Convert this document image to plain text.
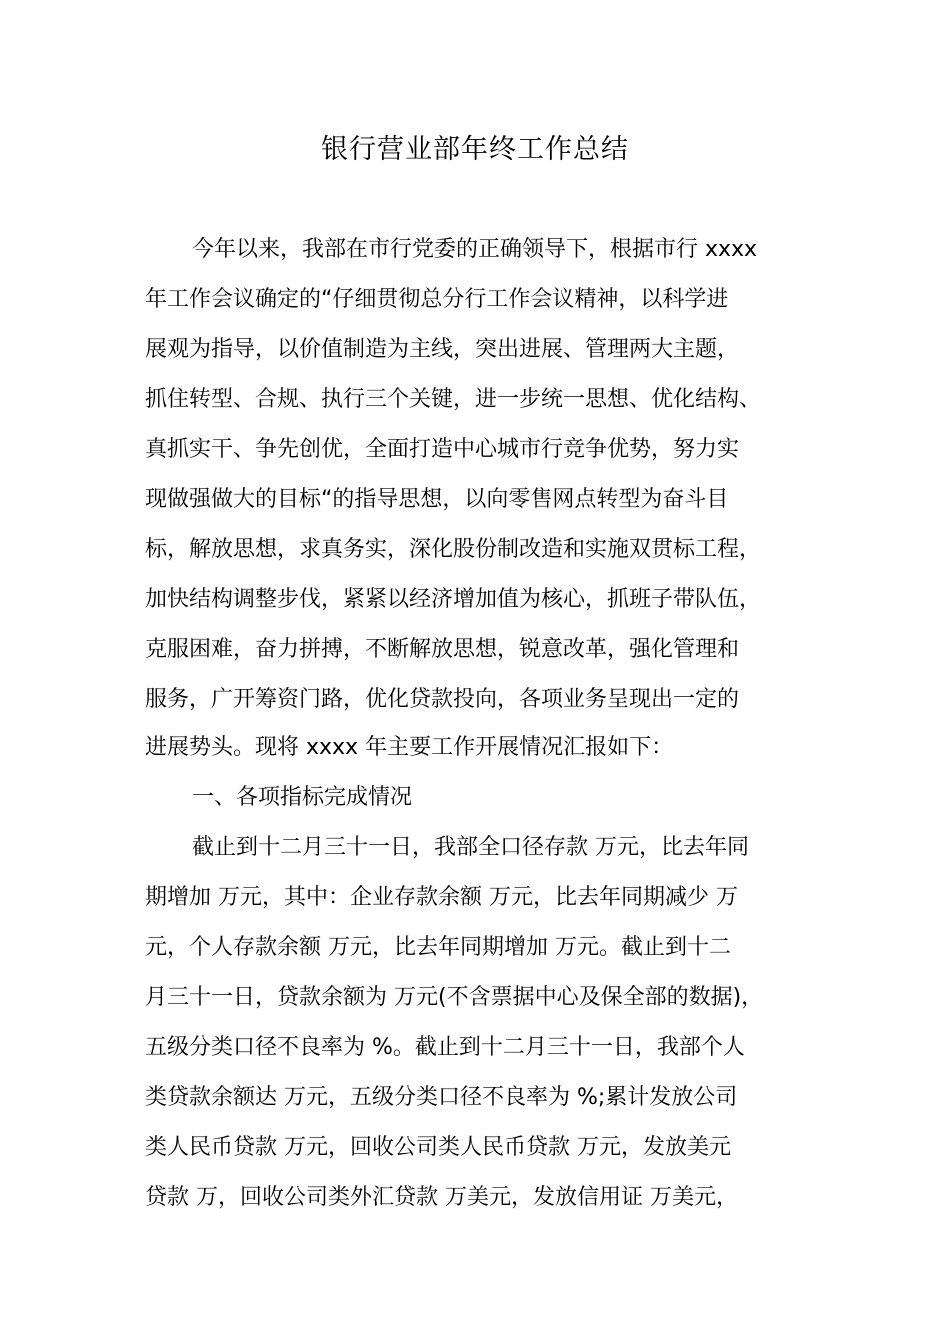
银行营业部年终工作总结
今年以来，我部在市行党委的正确领导下，根据市行 xxxx
年工作会议确定的“仔细贯彻总分行工作会议精神，以科学进
展观为指导，以价值制造为主线，突出进展、管理两大主题，
抓住转型、合规、执行三个关键，进一步统一思想、优化结构、
真抓实干、争先创优，全面打造中心城市行竞争优势，努力实
现做强做大的目标“的指导思想，以向零售网点转型为奋斗目
标，解放思想，求真务实，深化股份制改造和实施双贯标工程，
加快结构调整步伐，紧紧以经济增加值为核心，抓班子带队伍，
克服困难，奋力拼搏，不断解放思想，锐意改革，强化管理和
服务，广开筹资门路，优化贷款投向，各项业务呈现出一定的
进展势头。现将 xxxx 年主要工作开展情况汇报如下：
一、各项指标完成情况
截止到十二月三十一日，我部全口径存款 万元，比去年同
期增加 万元，其中：企业存款余额 万元，比去年同期减少 万
元，个人存款余额 万元，比去年同期增加 万元。截止到十二
月三十一日，贷款余额为 万元(不含票据中心及保全部的数据)，
五级分类口径不良率为 %。截止到十二月三十一日，我部个人
类贷款余额达 万元，五级分类口径不良率为 %;累计发放公司
类人民币贷款 万元，回收公司类人民币贷款 万元，发放美元
贷款 万，回收公司类外汇贷款 万美元，发放信用证 万美元，
